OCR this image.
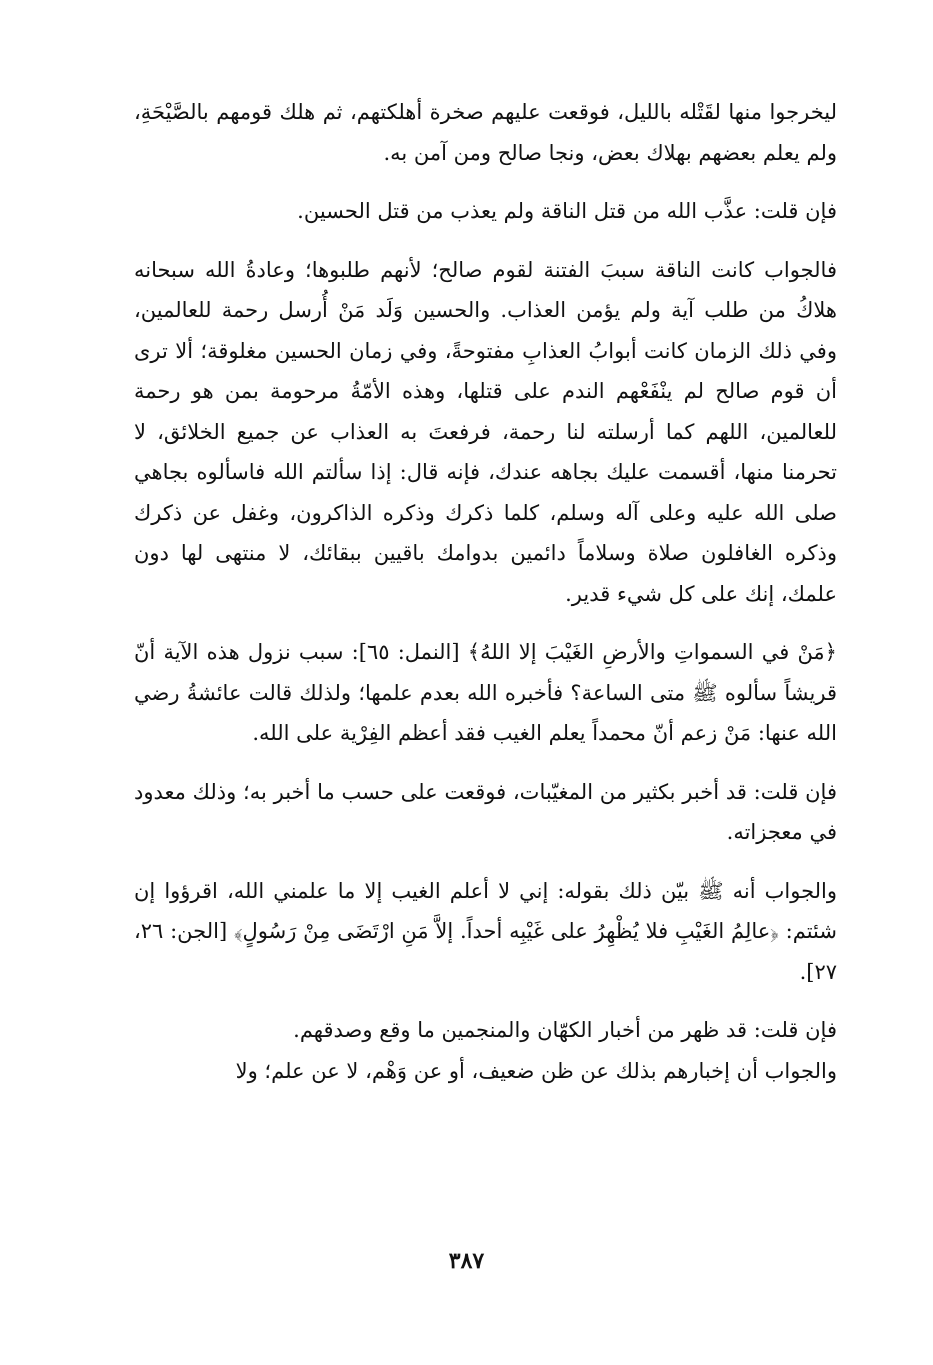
ليخرجوا منها لقَتْله بالليل، فوقعت عليهم صخرة أهلكتهم، ثم هلك قومهم بالصَّيْحَةِ، ولم يعلم بعضهم بهلاك بعض، ونجا صالح ومن آمن به.

فإن قلت: عذَّب الله من قتل الناقة ولم يعذب من قتل الحسين.

فالجواب كانت الناقة سببَ الفتنة لقوم صالح؛ لأنهم طلبوها؛ وعادةُ الله سبحانه هلاكُ من طلب آية ولم يؤمن العذاب. والحسين وَلَد مَنْ أُرسل رحمة للعالمين، وفي ذلك الزمان كانت أبوابُ العذابِ مفتوحةً، وفي زمان الحسين مغلوقة؛ ألا ترى أن قوم صالح لم ينْفَعْهم الندم على قتلها، وهذه الأمّةُ مرحومة بمن هو رحمة للعالمين، اللهم كما أرسلته لنا رحمة، فرفعتَ به العذاب عن جميع الخلائق، لا تحرمنا منها، أقسمت عليك بجاهه عندك، فإنه قال: إذا سألتم الله فاسألوه بجاهي صلى الله عليه وعلى آله وسلم، كلما ذكرك وذكره الذاكرون، وغفل عن ذكرك وذكره الغافلون صلاة وسلاماً دائمين بدوامك باقيين ببقائك، لا منتهى لها دون علمك، إنك على كل شيء قدير.

﴿مَنْ في السمواتِ والأرضِ الغَيْبَ إلا اللهُ﴾ [النمل: ٦٥]: سبب نزول هذه الآية أنّ قريشاً سألوه ﷺ متى الساعة؟ فأخبره الله بعدم علمها؛ ولذلك قالت عائشةُ رضي الله عنها: مَنْ زعم أنّ محمداً يعلم الغيب فقد أعظم الفِرْية على الله.

فإن قلت: قد أخبر بكثير من المغيّبات، فوقعت على حسب ما أخبر به؛ وذلك معدود في معجزاته.

والجواب أنه ﷺ بيّن ذلك بقوله: إني لا أعلم الغيب إلا ما علمني الله، اقرؤوا إن شئتم: ﴿عالِمُ الغَيْبِ فلا يُظْهِرُ على غَيْبِه أحداً. إلاَّ مَنِ ارْتَضَى مِنْ رَسُولٍ﴾ [الجن: ٢٦، ٢٧].

فإن قلت: قد ظهر من أخبار الكهّان والمنجمين ما وقع وصدقهم.

والجواب أن إخبارهم بذلك عن ظن ضعيف، أو عن وَهْم، لا عن علم؛ ولا

٣٨٧
